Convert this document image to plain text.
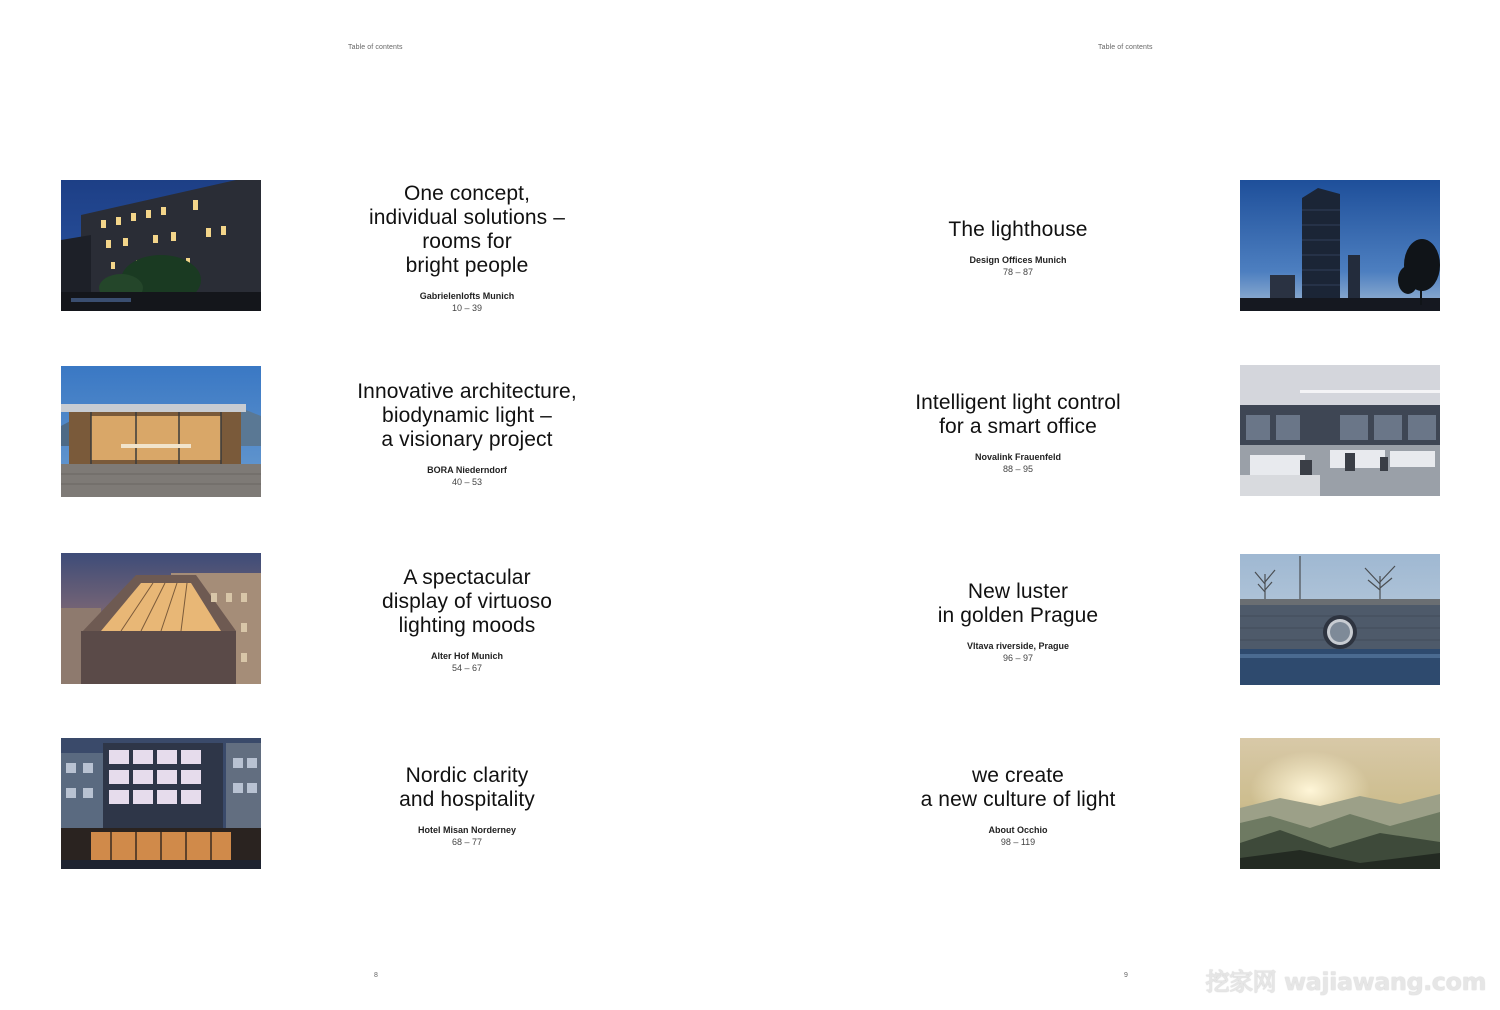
Table of contents	Table of contents
One concept,
individual solutions –
rooms for
bright people
Gabrielenlofts Munich
10 – 39
Innovative architecture,
biodynamic light –
a visionary project
BORA Niederndorf
40 – 53
A spectacular
display of virtuoso
lighting moods
Alter Hof Munich
54 – 67
Nordic clarity
and hospitality
Hotel Misan Norderney
68 – 77
The lighthouse
Design Offices Munich
78 – 87
Intelligent light control
for a smart office
Novalink Frauenfeld
88 – 95
New luster
in golden Prague
Vltava riverside, Prague
96 – 97
we create
a new culture of light
About Occhio
98 – 119
8	9	挖家网 wajiawang.com
